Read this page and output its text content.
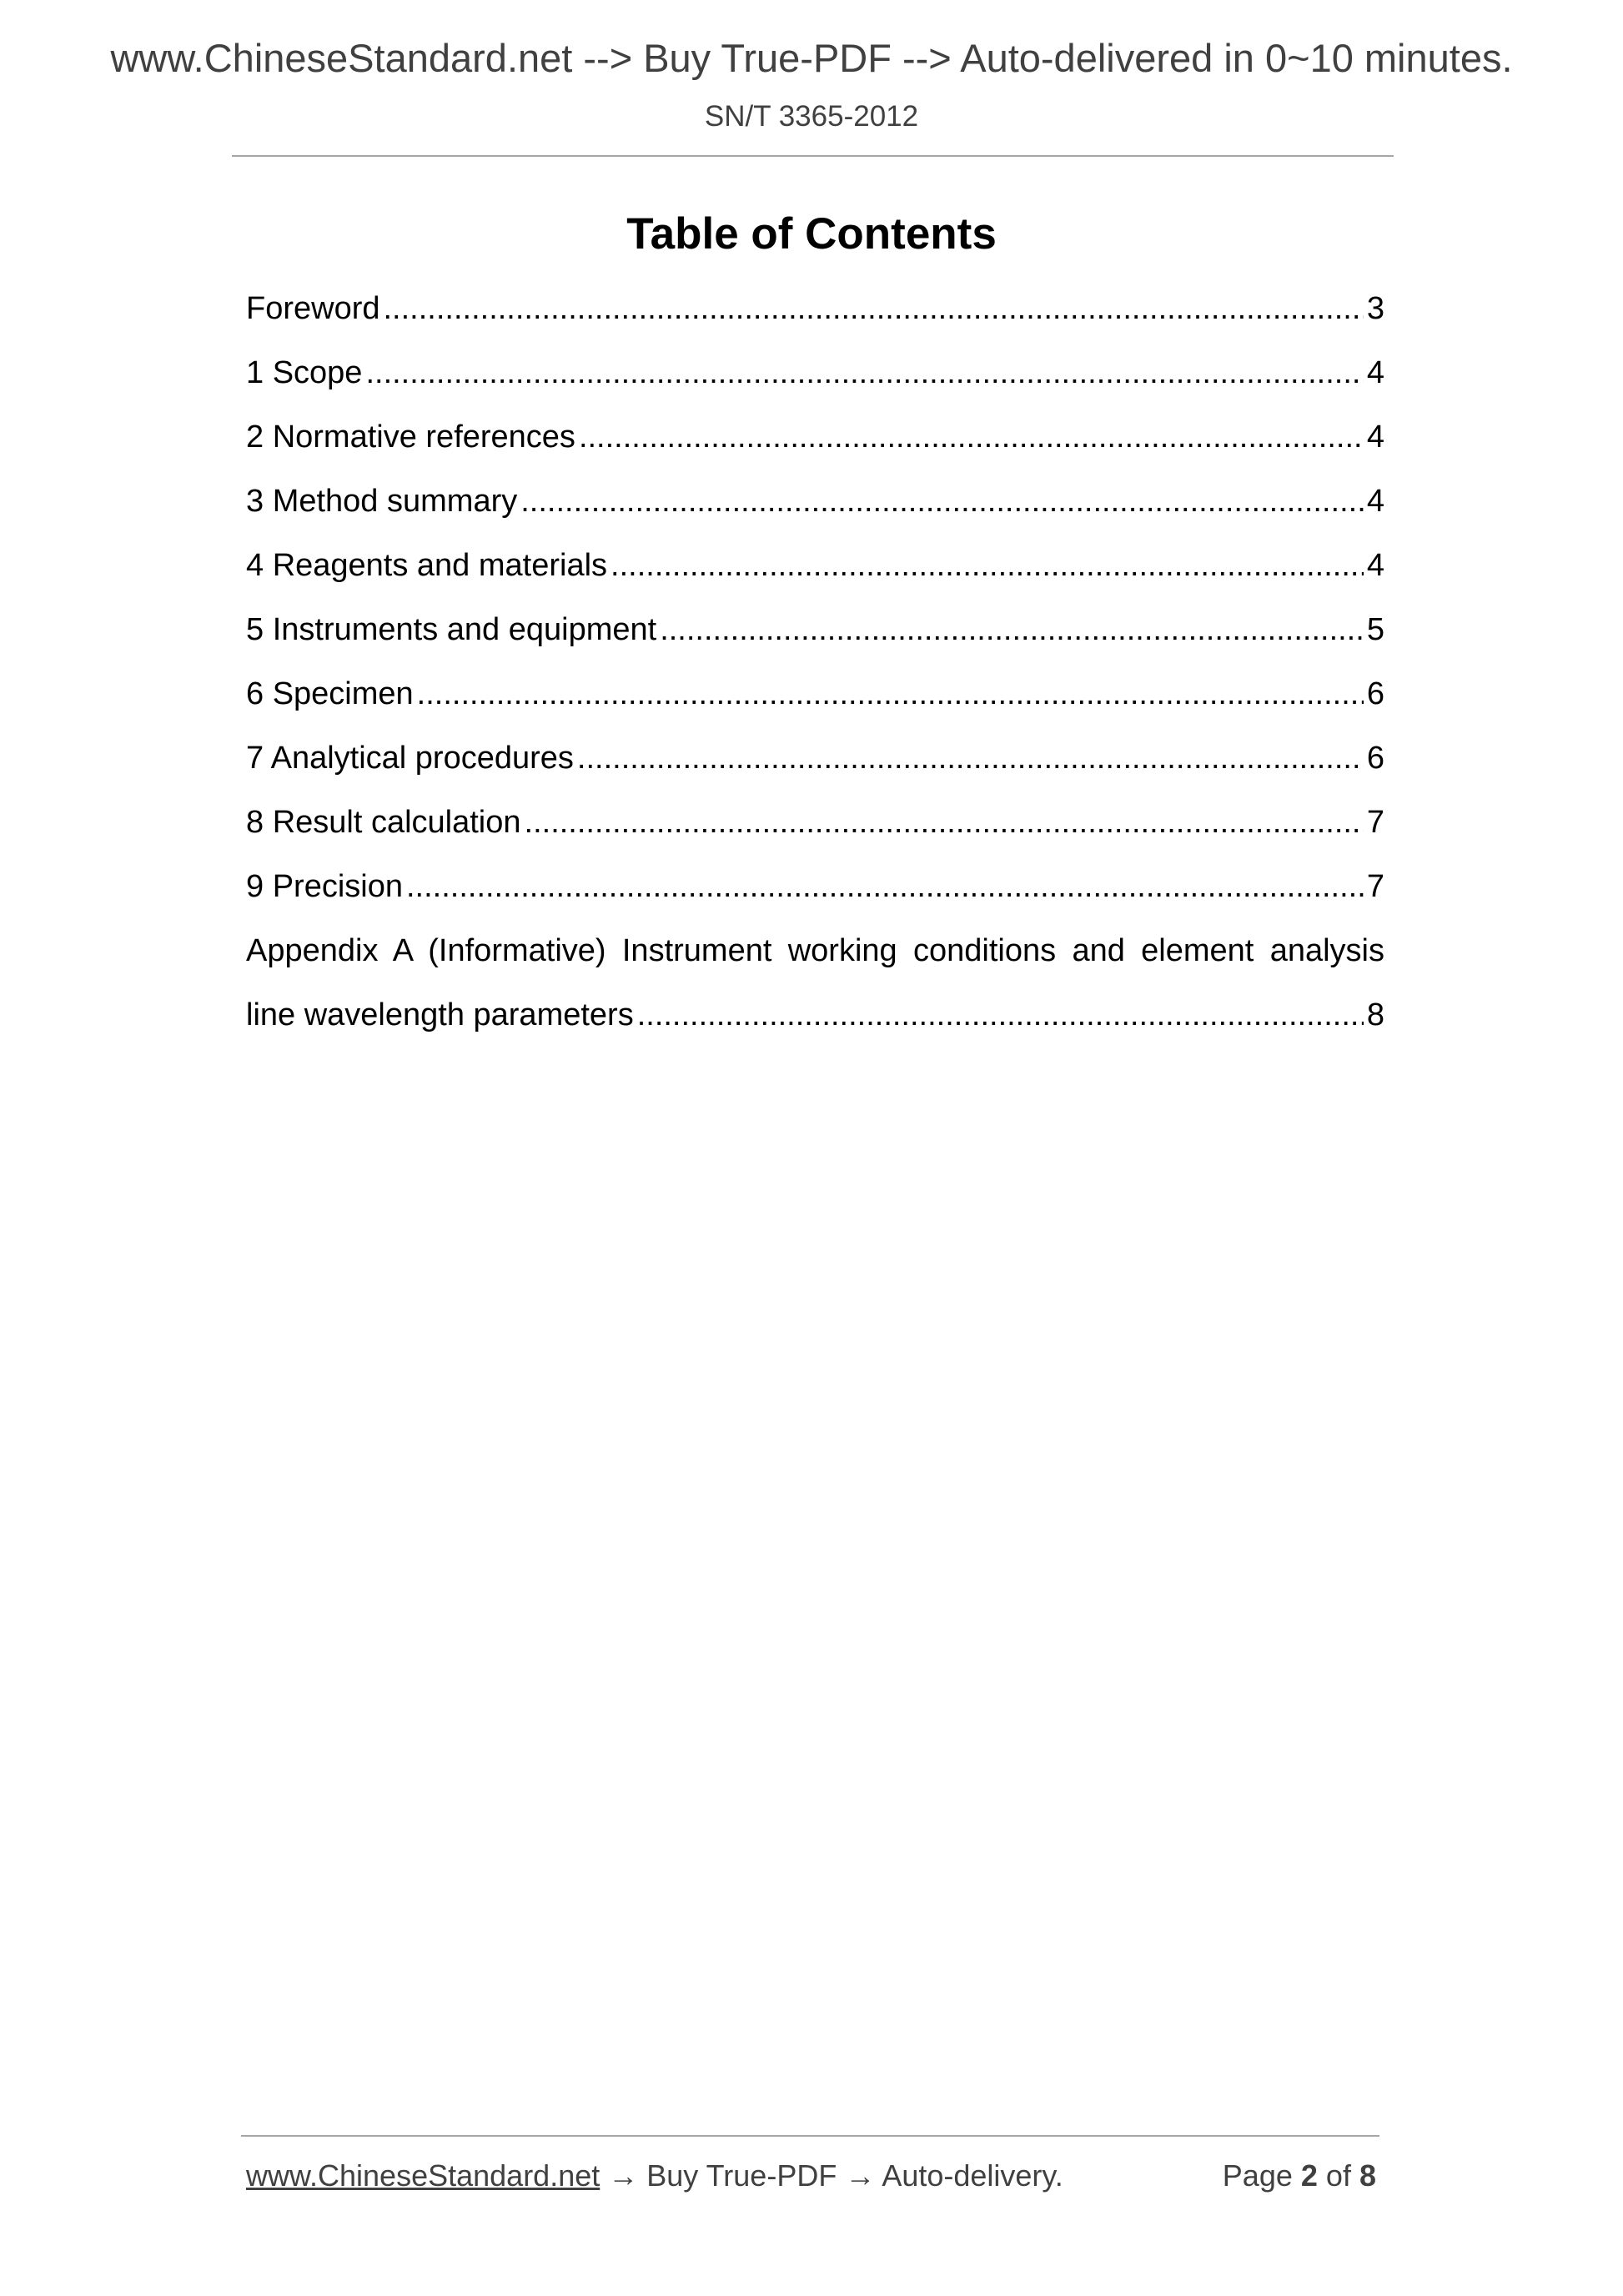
www.ChineseStandard.net --> Buy True-PDF --> Auto-delivered in 0~10 minutes.
SN/T 3365-2012
Table of Contents
Foreword .....	3
1 Scope .....	4
2 Normative references .....	4
3 Method summary .....	4
4 Reagents and materials .....	4
5 Instruments and equipment .....	5
6 Specimen .....	6
7 Analytical procedures .....	6
8 Result calculation .....	7
9 Precision .....	7
Appendix A (Informative) Instrument working conditions and element analysis
line wavelength parameters .....	8
www.ChineseStandard.net → Buy True-PDF → Auto-delivery.	Page 2 of 8
